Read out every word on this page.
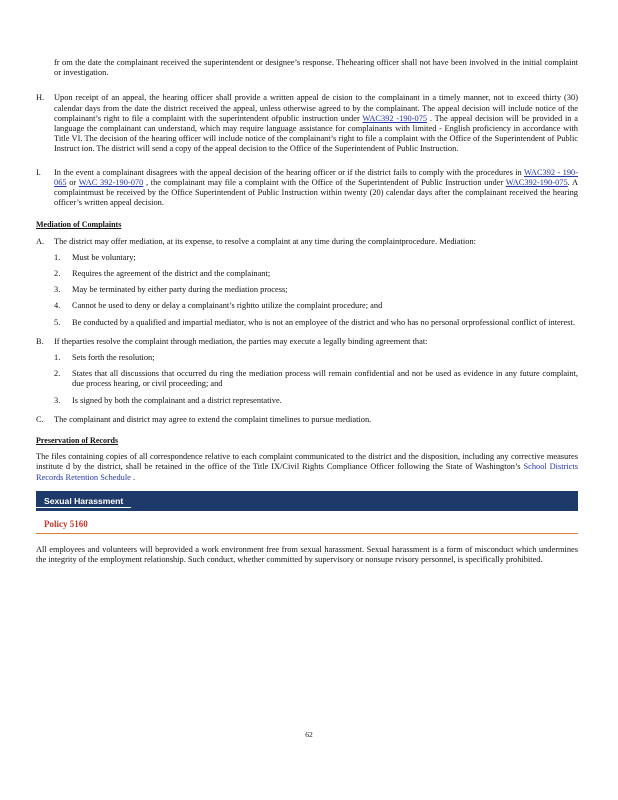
fr om the date the complainant received the superintendent or designee’s response. Thehearing officer shall not have been involved in the initial complaint or investigation.

H.	Upon receipt of an appeal, the hearing officer shall provide a written appeal de cision to the complainant in a timely manner, not to exceed thirty (30) calendar days from the date the district received the appeal, unless otherwise agreed to by the complainant. The appeal decision will include notice of the complainant’s right to file a complaint with the superintendent ofpublic instruction under WAC392 -190-075 . The appeal decision will be provided in a language the complainant can understand, which may require language assistance for complainants with limited - English proficiency in accordance with Title VI. The decision of the hearing officer will include notice of the complainant’s right to file a complaint with the Office of the Superintendent of Public Instruct ion. The district will send a copy of the appeal decision to the Office of the Superintendent of Public Instruction.

I.	In the event a complainant disagrees with the appeal decision of the hearing officer or if the district fails to comply with the procedures in WAC392 - 190-065 or WAC 392-190-070 , the complainant may file a complaint with the Office of the Superintendent of Public Instruction under WAC392-190-075. A complaintmust be received by the Office Superintendent of Public Instruction within twenty (20) calendar days after the complainant received the hearing officer’s written appeal decision.

Mediation of Complaints

A.	The district may offer mediation, at its expense, to resolve a complaint at any time during the complaintprocedure. Mediation:

1.	Must be voluntary;

2.	Requires the agreement of the district and the complainant;

3.	May be terminated by either party during the mediation process;

4.	Cannot be used to deny or delay a complainant’s rightto utilize the complaint procedure; and

5.	Be conducted by a qualified and impartial mediator, who is not an employee of the district and who has no personal orprofessional conflict of interest.

B.	If theparties resolve the complaint through mediation, the parties may execute a legally binding agreement that:

1.	Sets forth the resolution;

2.	States that all discussions that occurred du ring the mediation process will remain confidential and not be used as evidence in any future complaint, due process hearing, or civil proceeding; and

3.	Is signed by both the complainant and a district representative.

C.	The complainant and district may agree to extend the complaint timelines to pursue mediation.

Preservation of Records

The files containing copies of all correspondence relative to each complaint communicated to the district and the disposition, including any corrective measures institute d by the district, shall be retained in the office of the Title IX/Civil Rights Compliance Officer following the State of Washington’s School Districts Records Retention Schedule .

Sexual Harassment
Policy 5160

All employees and volunteers will beprovided a work environment free from sexual harassment. Sexual harassment is a form of misconduct which undermines the integrity of the employment relationship. Such conduct, whether committed by supervisory or nonsupe rvisory personnel, is specifically prohibited.

62
